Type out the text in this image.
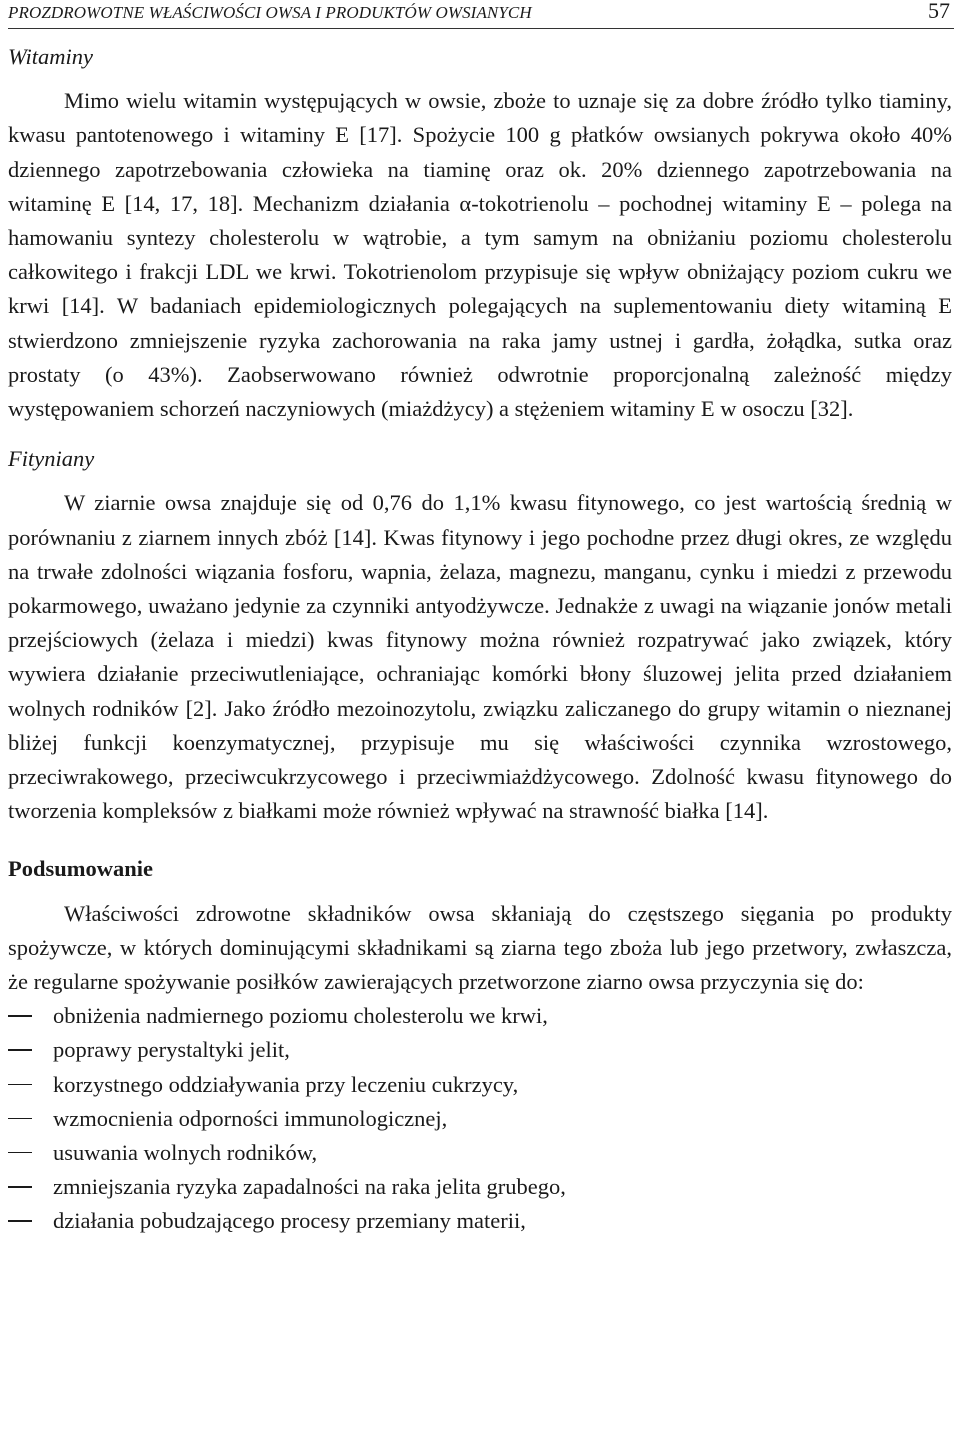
PROZDROWOTNE WŁAŚCIWOŚCI OWSA I PRODUKTÓW OWSIANYCH	57
Witaminy

Mimo wielu witamin występujących w owsie, zboże to uznaje się za dobre źródło tylko tiaminy, kwasu pantotenowego i witaminy E [17]. Spożycie 100 g płatków owsianych pokrywa około 40% dziennego zapotrzebowania człowieka na tiaminę oraz ok. 20% dziennego zapotrzebowania na witaminę E [14, 17, 18]. Mechanizm działania α-tokotrienolu – pochodnej witaminy E – polega na hamowaniu syntezy cholesterolu w wątrobie, a tym samym na obniżaniu poziomu cholesterolu całkowitego i frakcji LDL we krwi. Tokotrienolom przypisuje się wpływ obniżający poziom cukru we krwi [14]. W badaniach epidemiologicznych polegających na suplementowaniu diety witaminą E stwierdzono zmniejszenie ryzyka zachorowania na raka jamy ustnej i gardła, żołądka, sutka oraz prostaty (o 43%). Zaobserwowano również odwrotnie proporcjonalną zależność między występowaniem schorzeń naczyniowych (miażdżycy) a stężeniem witaminy E w osoczu [32].

Fityniany

W ziarnie owsa znajduje się od 0,76 do 1,1% kwasu fitynowego, co jest wartością średnią w porównaniu z ziarnem innych zbóż [14]. Kwas fitynowy i jego pochodne przez długi okres, ze względu na trwałe zdolności wiązania fosforu, wapnia, żelaza, magnezu, manganu, cynku i miedzi z przewodu pokarmowego, uważano jedynie za czynniki antyodżywcze. Jednakże z uwagi na wiązanie jonów metali przejściowych (żelaza i miedzi) kwas fitynowy można również rozpatrywać jako związek, który wywiera działanie przeciwutleniające, ochraniając komórki błony śluzowej jelita przed działaniem wolnych rodników [2]. Jako źródło mezoinozytolu, związku zaliczanego do grupy witamin o nieznanej bliżej funkcji koenzymatycznej, przypisuje mu się właściwości czynnika wzrostowego, przeciwrakowego, przeciwcukrzycowego i przeciwmiażdżycowego. Zdolność kwasu fitynowego do tworzenia kompleksów z białkami może również wpływać na strawność białka [14].

Podsumowanie

Właściwości zdrowotne składników owsa skłaniają do częstszego sięgania po produkty spożywcze, w których dominującymi składnikami są ziarna tego zboża lub jego przetwory, zwłaszcza, że regularne spożywanie posiłków zawierających przetworzone ziarno owsa przyczynia się do:

obniżenia nadmiernego poziomu cholesterolu we krwi,
poprawy perystaltyki jelit,
korzystnego oddziaływania przy leczeniu cukrzycy,
wzmocnienia odporności immunologicznej,
usuwania wolnych rodników,
zmniejszania ryzyka zapadalności na raka jelita grubego,
działania pobudzającego procesy przemiany materii,
